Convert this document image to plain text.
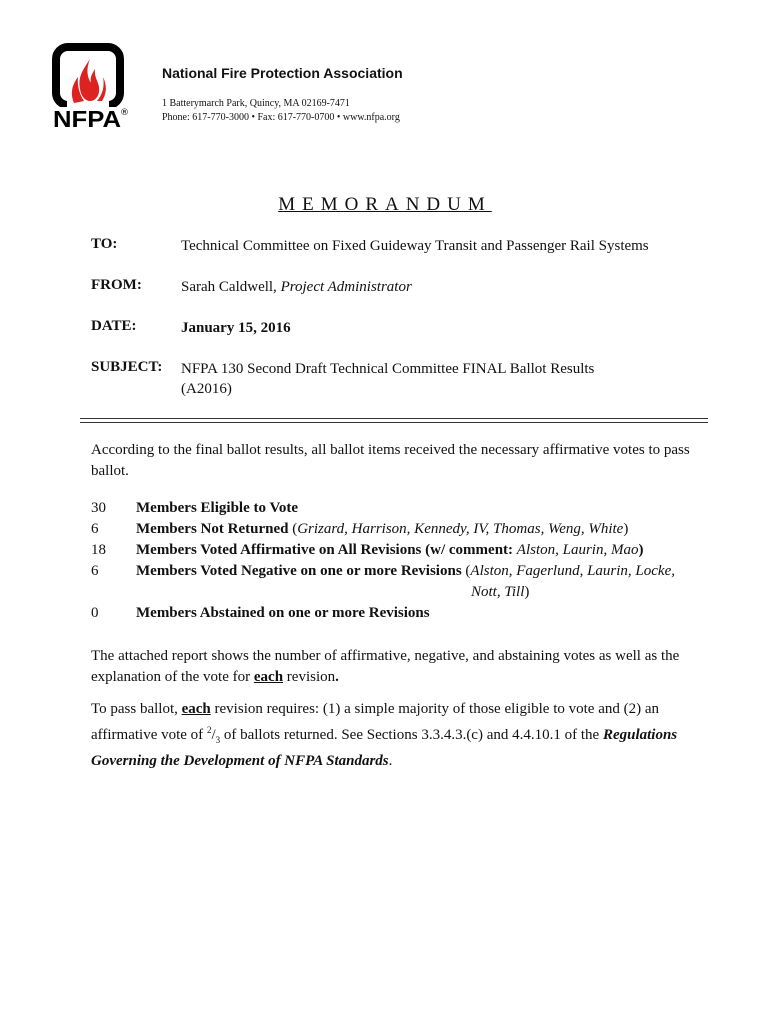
NFPA ®
National Fire Protection Association
1 Batterymarch Park, Quincy, MA 02169-7471
Phone: 617-770-3000 • Fax: 617-770-0700 • www.nfpa.org
MEMORANDUM
TO:	Technical Committee on Fixed Guideway Transit and Passenger Rail Systems
FROM:	Sarah Caldwell, Project Administrator
DATE:	January 15, 2016
SUBJECT: NFPA 130 Second Draft Technical Committee FINAL Ballot Results
(A2016)
According to the final ballot results, all ballot items received the necessary affirmative votes to pass ballot.
30 Members Eligible to Vote
6	Members Not Returned (Grizard, Harrison, Kennedy, IV, Thomas, Weng, White)
18 Members Voted Affirmative on All Revisions (w/ comment: Alston, Laurin, Mao)
6	Members Voted Negative on one or more Revisions (Alston, Fagerlund, Laurin, Locke,
Nott, Till)
0	Members Abstained on one or more Revisions
The attached report shows the number of affirmative, negative, and abstaining votes as well as the explanation of the vote for each revision.
To pass ballot, each revision requires: (1) a simple majority of those eligible to vote and (2) an affirmative vote of $^2/_3$ of ballots returned. See Sections 3.3.4.3.(c) and 4.4.10.1 of the Regulations Governing the Development of NFPA Standards.
